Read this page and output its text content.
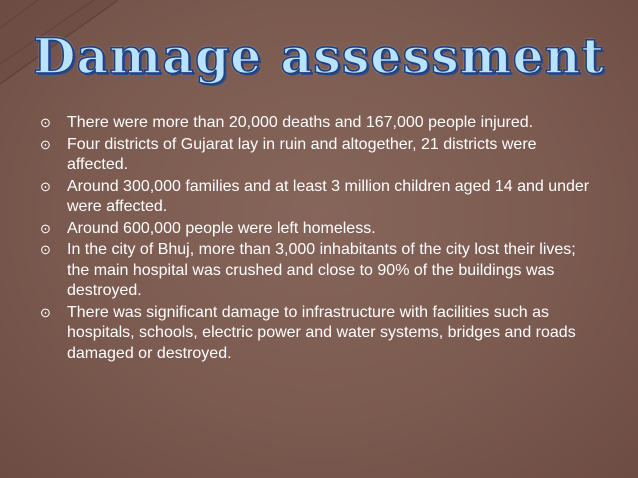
Damage assessment
⊙ There were more than 20,000 deaths and 167,000 people injured.
⊙ Four districts of Gujarat lay in ruin and altogether, 21 districts were affected.
⊙ Around 300,000 families and at least 3 million children aged 14 and under were affected.
⊙ Around 600,000 people were left homeless.
⊙ In the city of Bhuj, more than 3,000 inhabitants of the city lost their lives; the main hospital was crushed and close to 90% of the buildings was destroyed.
⊙ There was significant damage to infrastructure with facilities such as hospitals, schools, electric power and water systems, bridges and roads damaged or destroyed.
